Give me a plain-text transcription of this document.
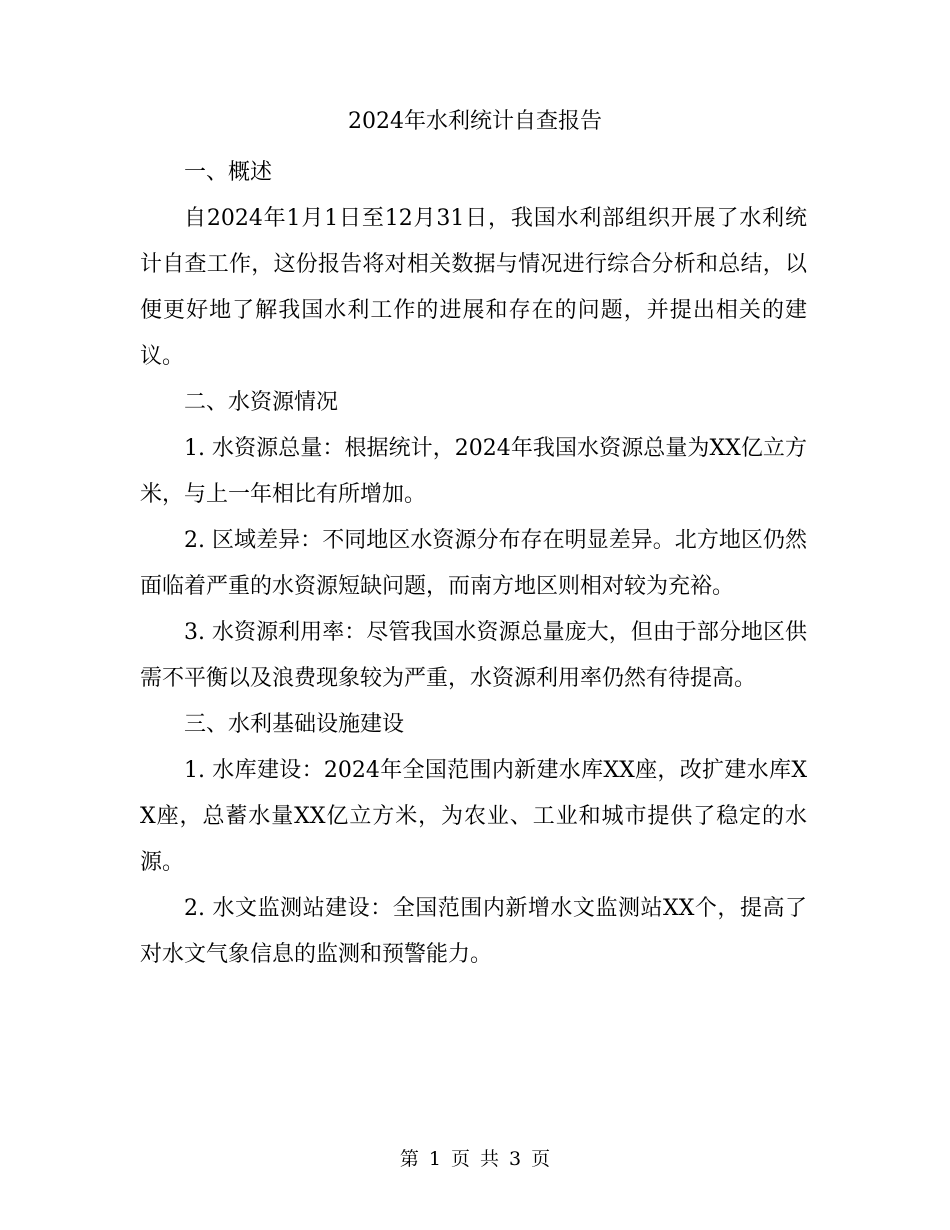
2024年水利统计自查报告

一、概述

自2024年1月1日至12月31日，我国水利部组织开展了水利统计自查工作，这份报告将对相关数据与情况进行综合分析和总结，以便更好地了解我国水利工作的进展和存在的问题，并提出相关的建议。

二、水资源情况

1. 水资源总量：根据统计，2024年我国水资源总量为XX亿立方米，与上一年相比有所增加。

2. 区域差异：不同地区水资源分布存在明显差异。北方地区仍然面临着严重的水资源短缺问题，而南方地区则相对较为充裕。

3. 水资源利用率：尽管我国水资源总量庞大，但由于部分地区供需不平衡以及浪费现象较为严重，水资源利用率仍然有待提高。

三、水利基础设施建设

1. 水库建设：2024年全国范围内新建水库XX座，改扩建水库XX座，总蓄水量XX亿立方米，为农业、工业和城市提供了稳定的水源。

2. 水文监测站建设：全国范围内新增水文监测站XX个，提高了对水文气象信息的监测和预警能力。

第 1 页 共 3 页
